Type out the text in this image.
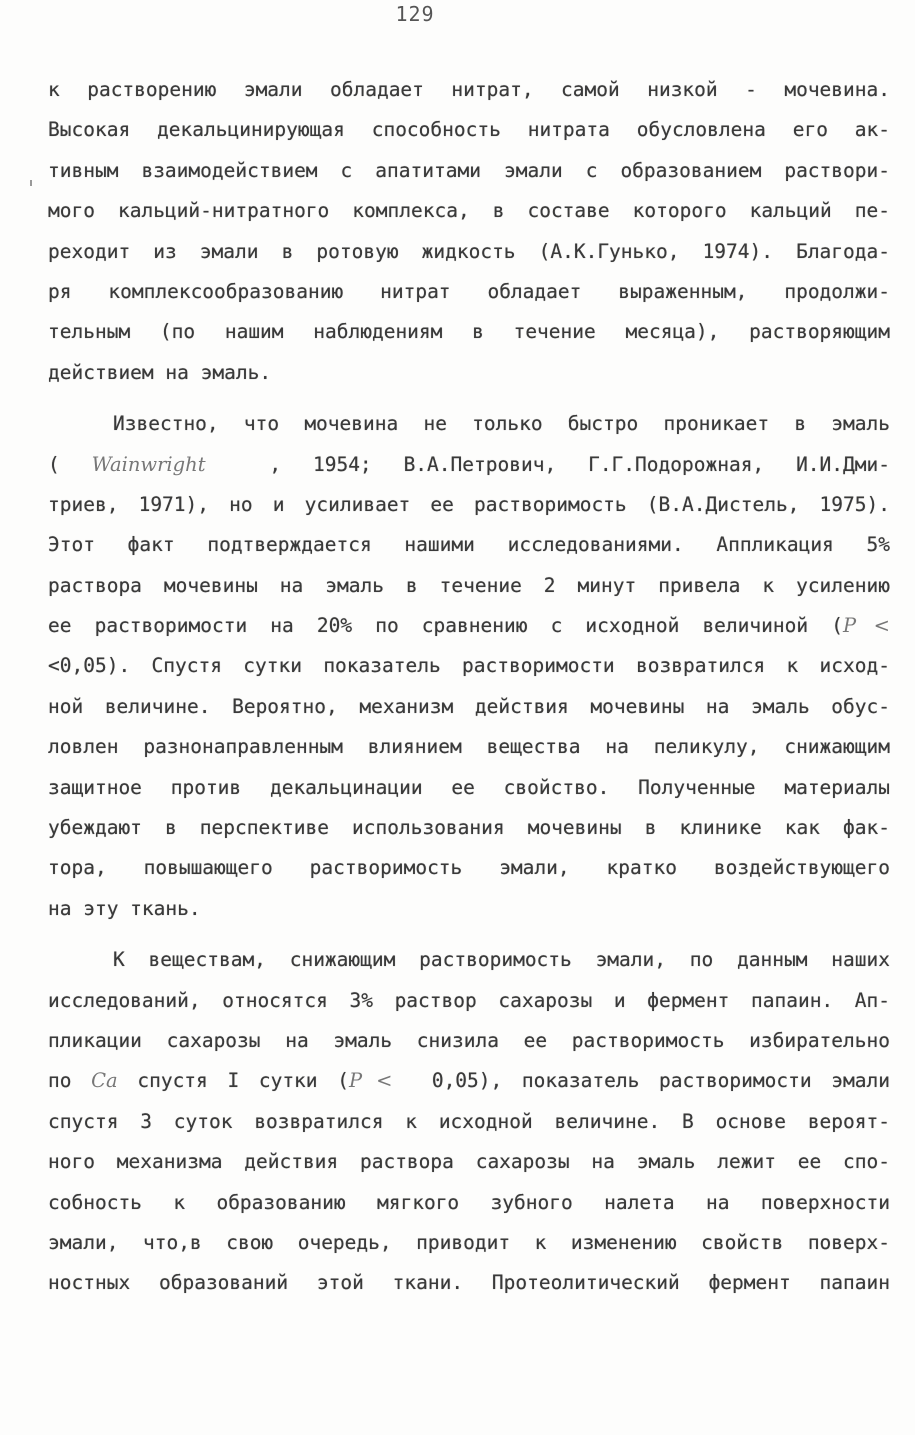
129
к растворению эмали обладает нитрат, самой низкой - мочевина.
Высокая декальцинирующая способность нитрата обусловлена его ак-
тивным взаимодействием с апатитами эмали с образованием раствори-
мого кальций-нитратного комплекса, в составе которого кальций пе-
реходит из эмали в ротовую жидкость (А.К.Гунько, 1974). Благода-
ря комплексообразованию нитрат обладает выраженным, продолжи-
тельным (по нашим наблюдениям в течение месяца), растворяющим
действием на эмаль.
Известно, что мочевина не только быстро проникает в эмаль
( Wainwright  , 1954; В.А.Петрович, Г.Г.Подорожная, И.И.Дми-
триев, 1971), но и усиливает ее растворимость (В.А.Дистель, 1975).
Этот факт подтверждается нашими исследованиями. Аппликация 5%
раствора мочевины на эмаль в течение 2 минут привела к усилению
ее растворимости на 20% по сравнению с исходной величиной (P <
<0,05). Спустя сутки показатель растворимости возвратился к исход-
ной величине. Вероятно, механизм действия мочевины на эмаль обус-
ловлен разнонаправленным влиянием вещества на пеликулу, снижающим
защитное против декальцинации ее свойство. Полученные материалы
убеждают в перспективе использования мочевины в клинике как фак-
тора, повышающего растворимость эмали, кратко воздействующего
на эту ткань.
К веществам, снижающим растворимость эмали, по данным наших
исследований, относятся 3% раствор сахарозы и фермент папаин. Ап-
пликации сахарозы на эмаль снизила ее растворимость избирательно
по Ca спустя I сутки (P <  0,05), показатель растворимости эмали
спустя 3 суток возвратился к исходной величине. В основе вероят-
ного механизма действия раствора сахарозы на эмаль лежит ее спо-
собность к образованию мягкого зубного налета на поверхности
эмали, что,в свою очередь, приводит к изменению свойств поверх-
ностных образований этой ткани. Протеолитический фермент папаин
